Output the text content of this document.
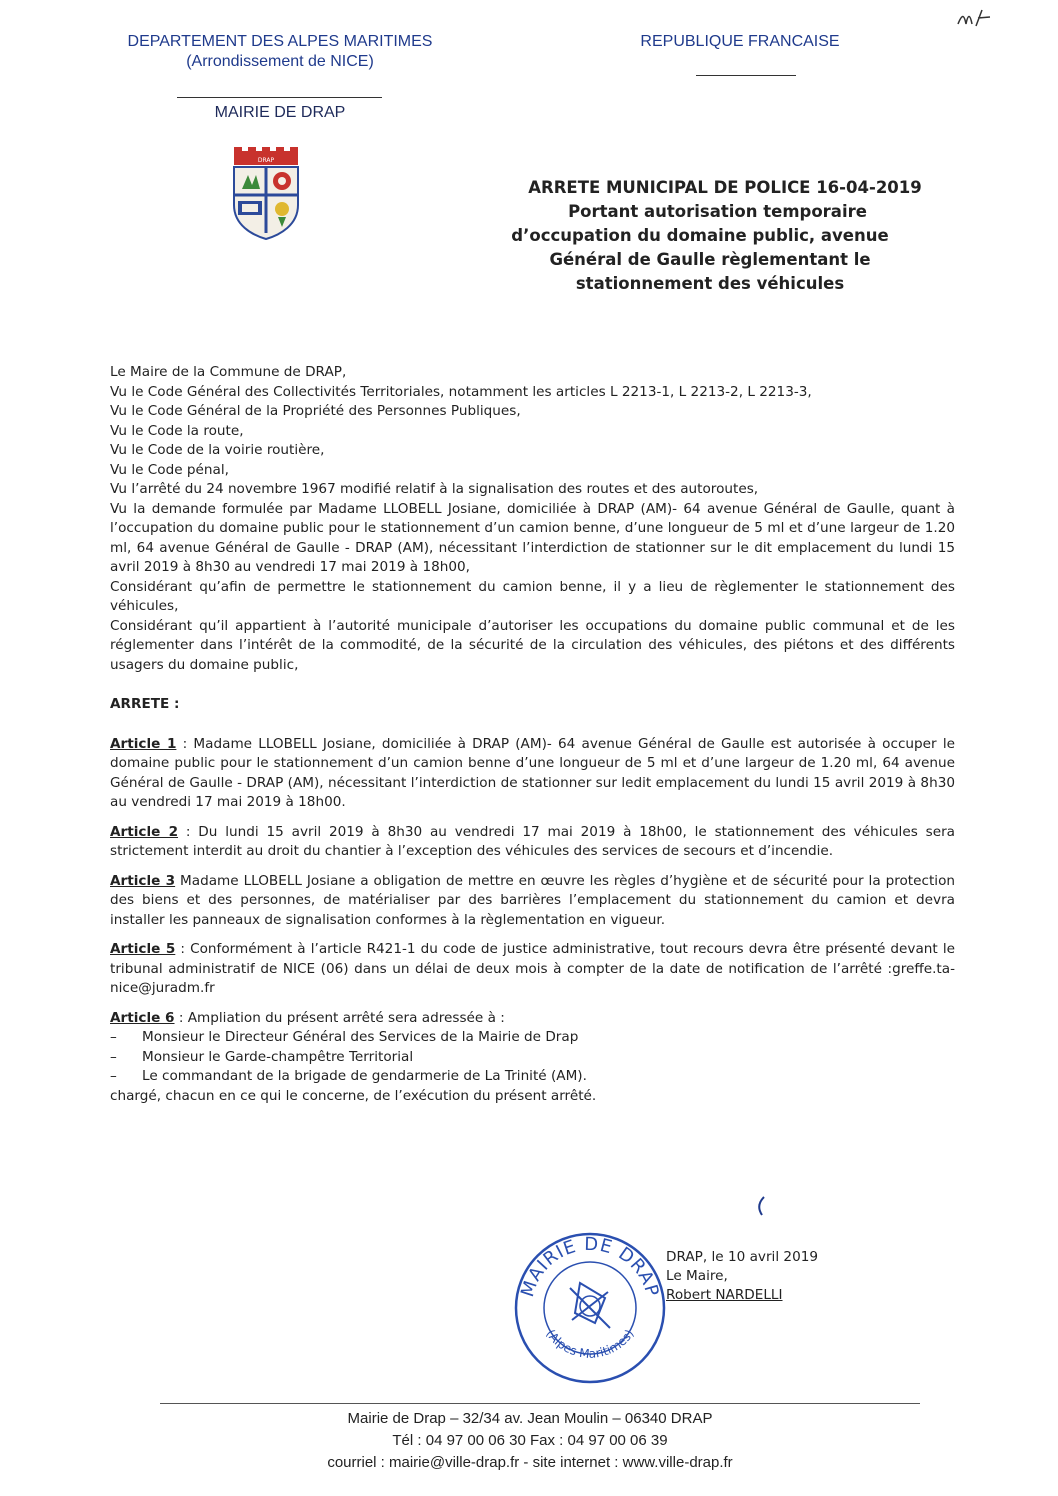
DEPARTEMENT DES ALPES MARITIMES
(Arrondissement de NICE)
MAIRIE DE DRAP
REPUBLIQUE FRANCAISE
DRAP
ARRETE MUNICIPAL DE POLICE 16-04-2019
Portant autorisation temporaire
d’occupation du domaine public, avenue
Général de Gaulle règlementant le
stationnement des véhicules

Le Maire de la Commune de DRAP,

Vu le Code Général des Collectivités Territoriales, notamment les articles L 2213-1, L 2213-2, L 2213-3,

Vu le Code Général de la Propriété des Personnes Publiques,

Vu le Code la route,

Vu le Code de la voirie routière,

Vu le Code pénal,

Vu l’arrêté du 24 novembre 1967 modifié relatif à la signalisation des routes et des autoroutes,

Vu la demande formulée par Madame LLOBELL Josiane, domiciliée à DRAP (AM)- 64 avenue Général de Gaulle, quant à l’occupation du domaine public pour le stationnement d’un camion benne, d’une longueur de 5 ml et d’une largeur de 1.20 ml, 64 avenue Général de Gaulle - DRAP (AM), nécessitant l’interdiction de stationner sur le dit emplacement du lundi 15 avril 2019 à 8h30 au vendredi 17 mai 2019 à 18h00,

Considérant qu’afin de permettre le stationnement du camion benne, il y a lieu de règlementer le stationnement des véhicules,

Considérant qu’il appartient à l’autorité municipale d’autoriser les occupations du domaine public communal et de les réglementer dans l’intérêt de la commodité, de la sécurité de la circulation des véhicules, des piétons et des différents usagers du domaine public,

ARRETE :

Article 1 : Madame LLOBELL Josiane, domiciliée à DRAP (AM)- 64 avenue Général de Gaulle est autorisée à occuper le domaine public pour le stationnement d’un camion benne d’une longueur de 5 ml et d’une largeur de 1.20 ml, 64 avenue Général de Gaulle - DRAP (AM), nécessitant l’interdiction de stationner sur ledit emplacement du lundi 15 avril 2019 à 8h30 au vendredi 17 mai 2019 à 18h00.

Article 2 : Du lundi 15 avril 2019 à 8h30 au vendredi 17 mai 2019 à 18h00, le stationnement des véhicules sera strictement interdit au droit du chantier à l’exception des véhicules des services de secours et d’incendie.

Article 3 Madame LLOBELL Josiane a obligation de mettre en œuvre les règles d’hygiène et de sécurité pour la protection des biens et des personnes, de matérialiser par des barrières l’emplacement du stationnement du camion et devra installer les panneaux de signalisation conformes à la règlementation en vigueur.

Article 5 : Conformément à l’article R421-1 du code de justice administrative, tout recours devra être présenté devant le tribunal administratif de NICE (06) dans un délai de deux mois à compter de la date de notification de l’arrêté :greffe.ta-nice@juradm.fr

Article 6 : Ampliation du présent arrêté sera adressée à :

–	Monsieur le Directeur Général des Services de la Mairie de Drap
–	Monsieur le Garde-champêtre Territorial
–	Le commandant de la brigade de gendarmerie de La Trinité (AM).

chargé, chacun en ce qui le concerne, de l’exécution du présent arrêté.

MAIRIE DE DRAP
(Alpes Maritimes)
DRAP, le 10 avril 2019
Le Maire,
Robert NARDELLI
Mairie de Drap – 32/34 av. Jean Moulin – 06340 DRAP
Tél : 04 97 00 06 30 Fax : 04 97 00 06 39
courriel : mairie@ville-drap.fr - site internet : www.ville-drap.fr
